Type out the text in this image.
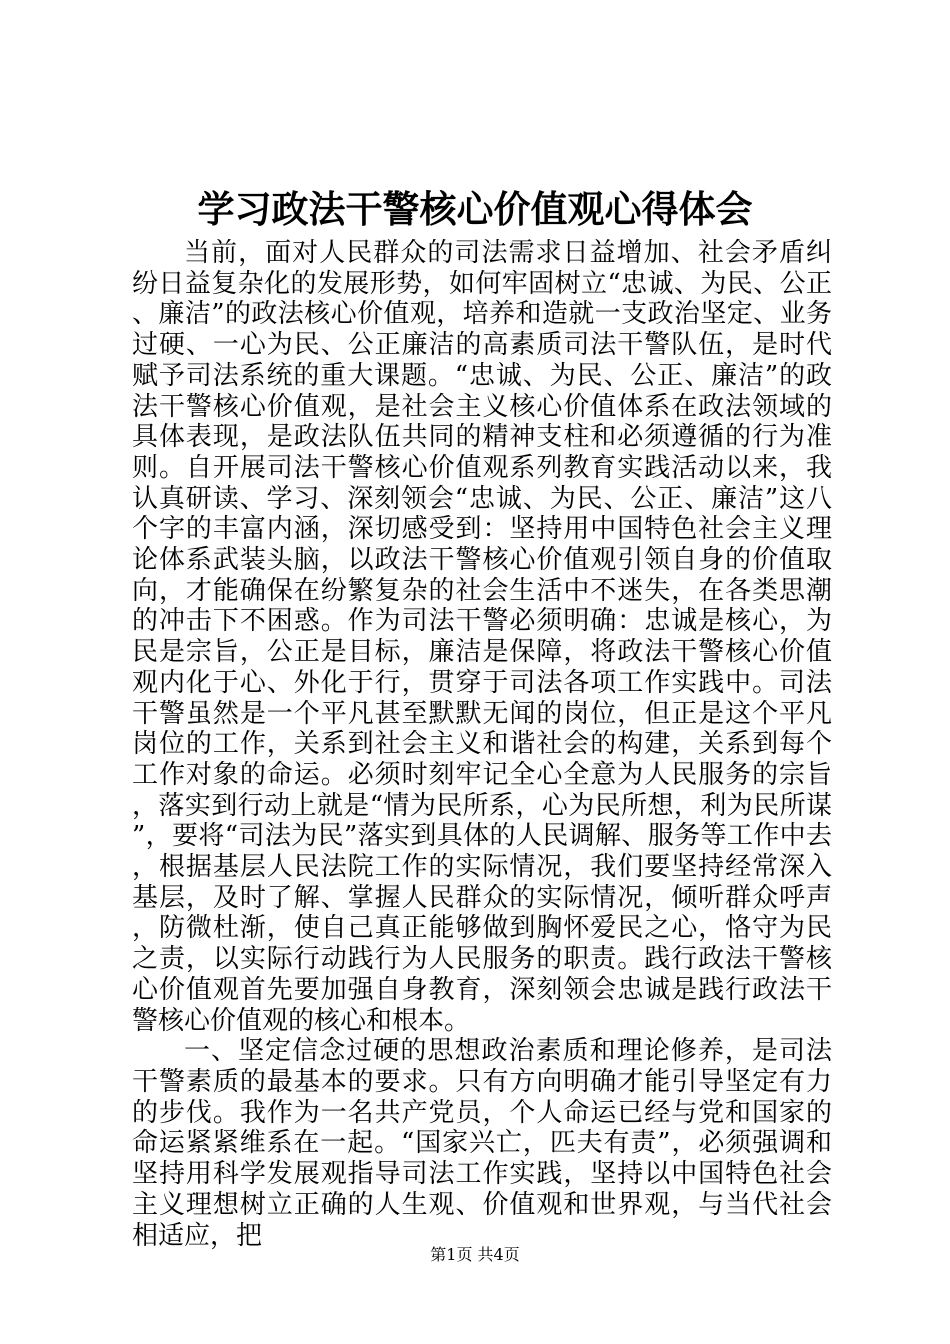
学习政法干警核心价值观心得体会

当前，面对人民群众的司法需求日益增加、社会矛盾纠纷日益复杂化的发展形势，如何牢固树立“忠诚、为民、公正、廉洁”的政法核心价值观，培养和造就一支政治坚定、业务过硬、一心为民、公正廉洁的高素质司法干警队伍，是时代赋予司法系统的重大课题。“忠诚、为民、公正、廉洁”的政法干警核心价值观，是社会主义核心价值体系在政法领域的具体表现，是政法队伍共同的精神支柱和必须遵循的行为准则。自开展司法干警核心价值观系列教育实践活动以来，我认真研读、学习、深刻领会“忠诚、为民、公正、廉洁”这八个字的丰富内涵，深切感受到：坚持用中国特色社会主义理论体系武装头脑，以政法干警核心价值观引领自身的价值取向，才能确保在纷繁复杂的社会生活中不迷失，在各类思潮的冲击下不困惑。作为司法干警必须明确：忠诚是核心，为民是宗旨，公正是目标，廉洁是保障，将政法干警核心价值观内化于心、外化于行，贯穿于司法各项工作实践中。司法干警虽然是一个平凡甚至默默无闻的岗位，但正是这个平凡岗位的工作，关系到社会主义和谐社会的构建，关系到每个工作对象的命运。必须时刻牢记全心全意为人民服务的宗旨，落实到行动上就是“情为民所系，心为民所想，利为民所谋”，要将“司法为民”落实到具体的人民调解、服务等工作中去，根据基层人民法院工作的实际情况，我们要坚持经常深入基层，及时了解、掌握人民群众的实际情况，倾听群众呼声，防微杜渐，使自己真正能够做到胸怀爱民之心，恪守为民之责，以实际行动践行为人民服务的职责。践行政法干警核心价值观首先要加强自身教育，深刻领会忠诚是践行政法干警核心价值观的核心和根本。

一、坚定信念过硬的思想政治素质和理论修养，是司法干警素质的最基本的要求。只有方向明确才能引导坚定有力的步伐。我作为一名共产党员，个人命运已经与党和国家的命运紧紧维系在一起。“国家兴亡，匹夫有责”，必须强调和坚持用科学发展观指导司法工作实践，坚持以中国特色社会主义理想树立正确的人生观、价值观和世界观，与当代社会相适应，把

第1页 共4页
